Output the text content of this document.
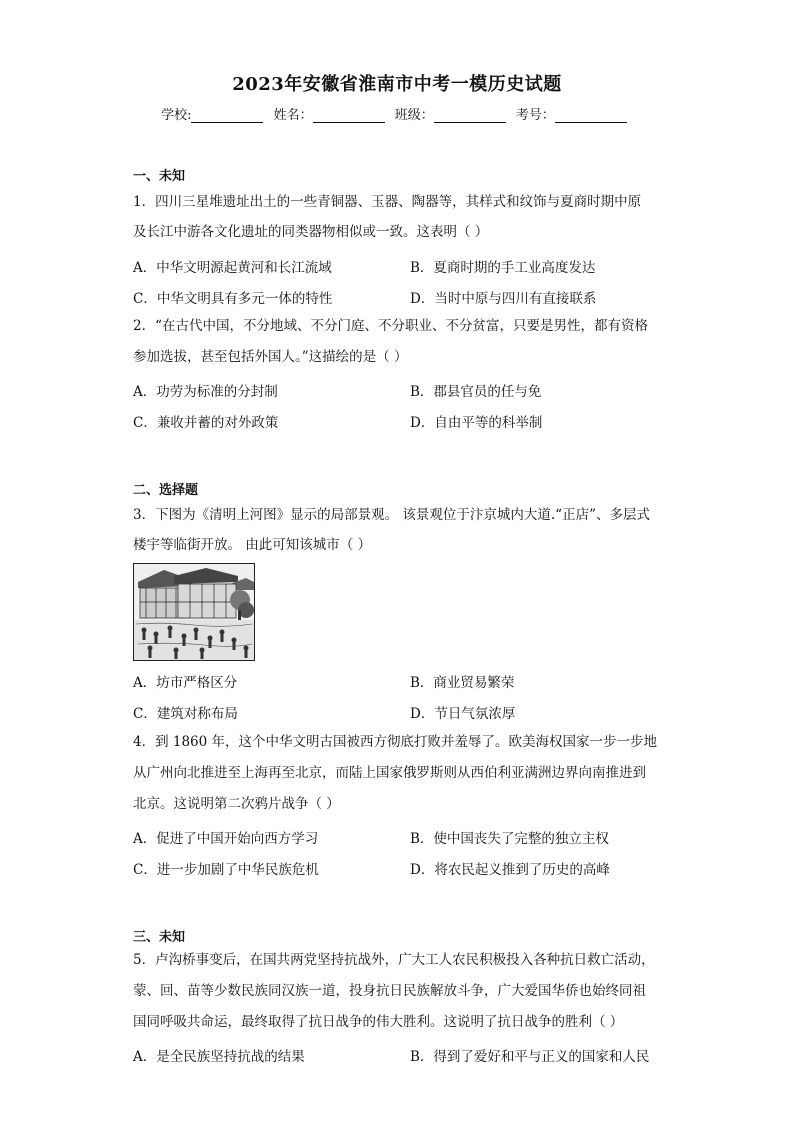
2023年安徽省淮南市中考一模历史试题
学校:	姓名：	班级：	考号：
一、未知
1．四川三星堆遗址出土的一些青铜器、玉器、陶器等，其样式和纹饰与夏商时期中原
及长江中游各文化遗址的同类器物相似或一致。这表明（ ）
A．中华文明源起黄河和长江流域	B．夏商时期的手工业高度发达
C．中华文明具有多元一体的特性	D．当时中原与四川有直接联系
2．“在古代中国，不分地域、不分门庭、不分职业、不分贫富，只要是男性，都有资格
参加选拔，甚至包括外国人。”这描绘的是（ ）
A．功劳为标准的分封制	B．郡县官员的任与免
C．兼收并蓄的对外政策	D．自由平等的科举制
二、选择题
3．下图为《清明上河图》显示的局部景观。 该景观位于汴京城内大道.“正店”、多层式
楼宇等临街开放。 由此可知该城市（ ）
A．坊市严格区分	B．商业贸易繁荣
C．建筑对称布局	D．节日气氛浓厚
4．到 1860 年，这个中华文明古国被西方彻底打败并羞辱了。欧美海权国家一步一步地
从广州向北推进至上海再至北京，而陆上国家俄罗斯则从西伯利亚满洲边界向南推进到
北京。这说明第二次鸦片战争（ ）
A．促进了中国开始向西方学习	B．使中国丧失了完整的独立主权
C．进一步加剧了中华民族危机	D．将农民起义推到了历史的高峰
三、未知
5．卢沟桥事变后，在国共两党坚持抗战外，广大工人农民积极投入各种抗日救亡活动，
蒙、回、苗等少数民族同汉族一道，投身抗日民族解放斗争，广大爱国华侨也始终同祖
国同呼吸共命运，最终取得了抗日战争的伟大胜利。这说明了抗日战争的胜利（ ）
A．是全民族坚持抗战的结果	B．得到了爱好和平与正义的国家和人民
